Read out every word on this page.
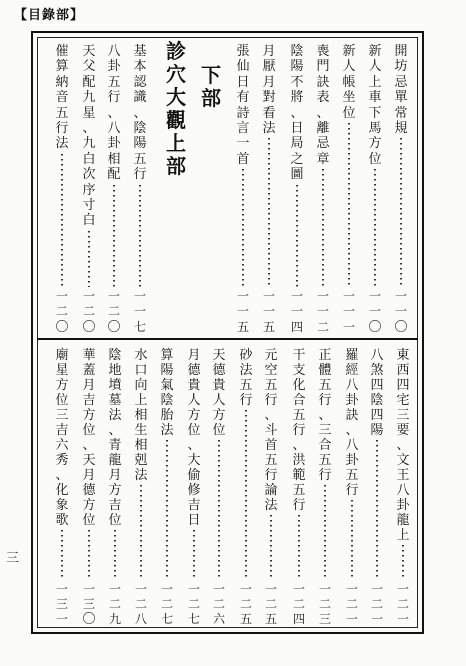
【目錄部】
開
坊
忌
單
常
規
一
一
〇
新
人
上
車
下
馬
方
位
一
一
〇
新
人
帳
坐
位
一
一
一
喪
門
訣
表
、
離
忌
章
一
一
二
陰
陽
不
將
、
日
局
之
圖
一
一
四
月
厭
月
對
看
法
一
一
五
張
仙
日
有
詩
言
一
首
一
一
五
下
部
診
穴
大
觀
上
部
基
本
認
識
、
陰
陽
五
行
一
一
七
八
卦
五
行
、
八
卦
相
配
一
二
〇
天
父
配
九
星
、
九
白
次
序
寸
白
一
二
〇
催
算
納
音
五
行
法
一
二
〇
東
西
四
宅
三
要
、
文
王
八
卦
龍
上
一
二
一
八
煞
四
陰
四
陽
一
二
一
羅
經
八
卦
訣
、
八
卦
五
行
一
二
一
正
體
五
行
、
三
合
五
行
一
二
三
干
支
化
合
五
行
、
洪
範
五
行
一
二
四
元
空
五
行
、
斗
首
五
行
論
法
一
二
五
砂
法
五
行
一
二
五
天
德
貴
人
方
位
一
二
六
月
德
貴
人
方
位
、
大
偷
修
吉
日
一
二
七
算
陽
氣
陰
胎
法
一
二
七
水
口
向
上
相
生
相
剋
法
一
二
八
陰
地
墳
墓
法
、
青
龍
月
方
吉
位
一
二
九
華
蓋
月
吉
方
位
、
天
月
德
方
位
一
三
〇
廟
星
方
位
三
吉
六
秀
、
化
象
歌
一
三
一
三
